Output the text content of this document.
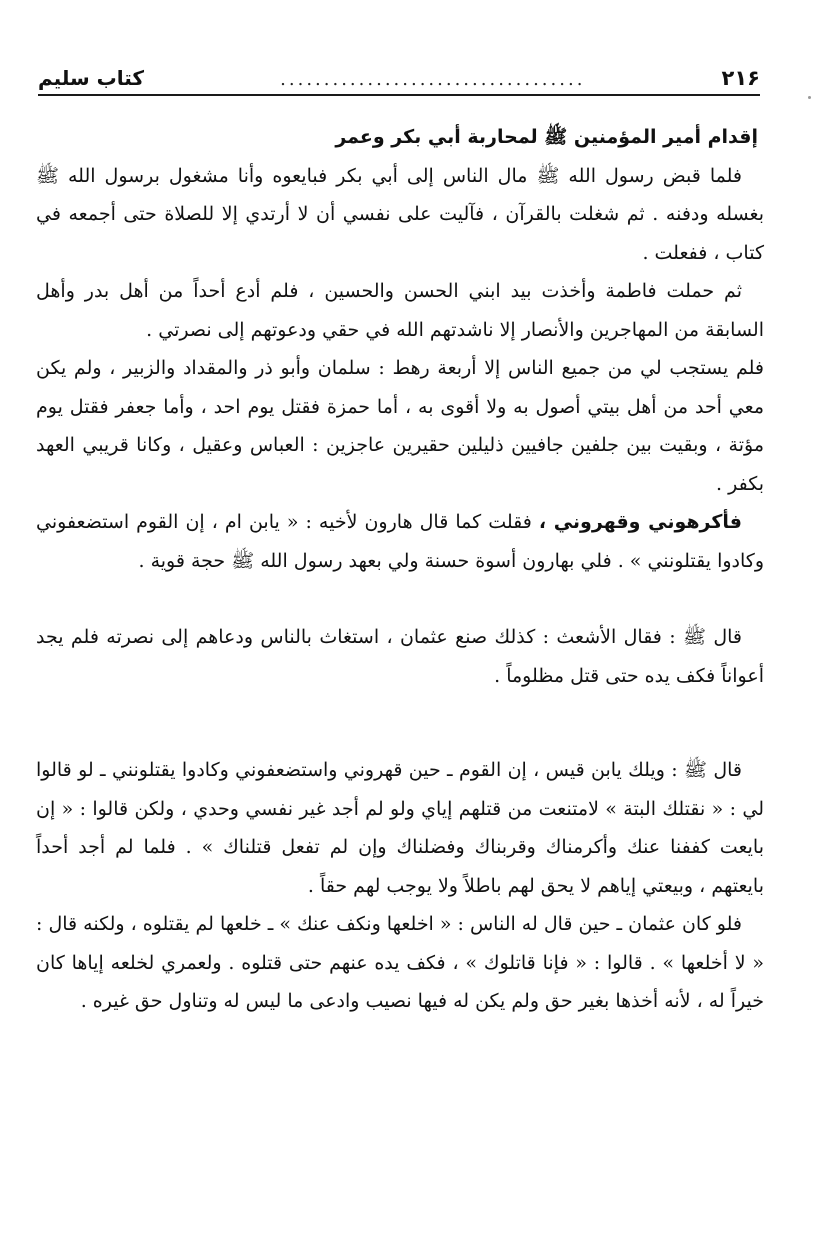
٢١۶
...................................
كتاب سليم

إقدام أمير المؤمنين ﷺ لمحاربة أبي بكر وعمر

فلما قبض رسول الله ﷺ مال الناس إلى أبي بكر فبايعوه وأنا مشغول برسول الله ﷺ بغسله ودفنه . ثم شغلت بالقرآن ، فآليت على نفسي أن لا أرتدي إلا للصلاة حتى أجمعه في كتاب ، ففعلت .

ثم حملت فاطمة وأخذت بيد ابني الحسن والحسين ، فلم أدع أحداً من أهل بدر وأهل السابقة من المهاجرين والأنصار إلا ناشدتهم الله في حقي ودعوتهم إلى نصرتي .

فلم يستجب لي من جميع الناس إلا أربعة رهط : سلمان وأبو ذر والمقداد والزبير ، ولم يكن معي أحد من أهل بيتي أصول به ولا أقوى به ، أما حمزة فقتل يوم احد ، وأما جعفر فقتل يوم مؤتة ، وبقيت بين جلفين جافيين ذليلين حقيرين عاجزين : العباس وعقيل ، وكانا قريبي العهد بكفر .

فأكرهوني وقهروني ، فقلت كما قال هارون لأخيه : « يابن ام ، إن القوم استضعفوني وكادوا يقتلونني » . فلي بهارون أسوة حسنة ولي بعهد رسول الله ﷺ حجة قوية .

قال ﷺ : فقال الأشعث : كذلك صنع عثمان ، استغاث بالناس ودعاهم إلى نصرته فلم يجد أعواناً فكف يده حتى قتل مظلوماً .

قال ﷺ : ويلك يابن قيس ، إن القوم ـ حين قهروني واستضعفوني وكادوا يقتلونني ـ لو قالوا لي : « نقتلك البتة » لامتنعت من قتلهم إياي ولو لم أجد غير نفسي وحدي ، ولكن قالوا : « إن بايعت كففنا عنك وأكرمناك وقربناك وفضلناك وإن لم تفعل قتلناك » . فلما لم أجد أحداً بايعتهم ، وبيعتي إياهم لا يحق لهم باطلاً ولا يوجب لهم حقاً .

فلو كان عثمان ـ حين قال له الناس : « اخلعها ونكف عنك » ـ خلعها لم يقتلوه ، ولكنه قال : « لا أخلعها » . قالوا : « فإنا قاتلوك » ، فكف يده عنهم حتى قتلوه . ولعمري لخلعه إياها كان خيراً له ، لأنه أخذها بغير حق ولم يكن له فيها نصيب وادعى ما ليس له وتناول حق غيره .
